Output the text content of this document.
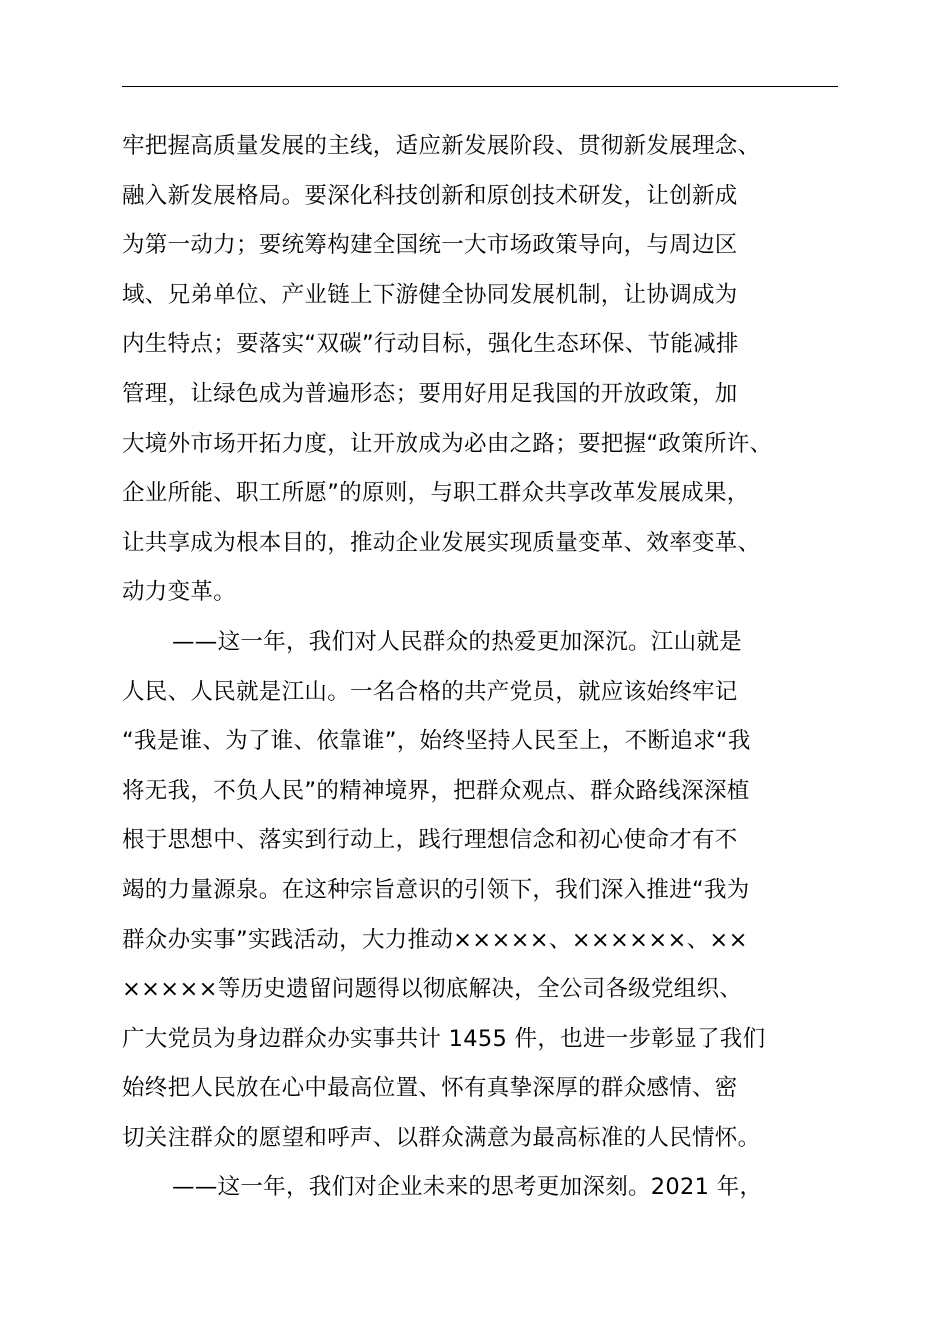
牢把握高质量发展的主线，适应新发展阶段、贯彻新发展理念、
融入新发展格局。要深化科技创新和原创技术研发，让创新成
为第一动力；要统筹构建全国统一大市场政策导向，与周边区
域、兄弟单位、产业链上下游健全协同发展机制，让协调成为
内生特点；要落实“双碳”行动目标，强化生态环保、节能减排
管理，让绿色成为普遍形态；要用好用足我国的开放政策，加
大境外市场开拓力度，让开放成为必由之路；要把握“政策所许、
企业所能、职工所愿”的原则，与职工群众共享改革发展成果，
让共享成为根本目的，推动企业发展实现质量变革、效率变革、
动力变革。
——这一年，我们对人民群众的热爱更加深沉。江山就是
人民、人民就是江山。一名合格的共产党员，就应该始终牢记
“我是谁、为了谁、依靠谁”，始终坚持人民至上，不断追求“我
将无我，不负人民”的精神境界，把群众观点、群众路线深深植
根于思想中、落实到行动上，践行理想信念和初心使命才有不
竭的力量源泉。在这种宗旨意识的引领下，我们深入推进“我为
群众办实事”实践活动，大力推动×××××、××××××、××
×××××等历史遗留问题得以彻底解决，全公司各级党组织、
广大党员为身边群众办实事共计 1455 件，也进一步彰显了我们
始终把人民放在心中最高位置、怀有真挚深厚的群众感情、密
切关注群众的愿望和呼声、以群众满意为最高标准的人民情怀。
——这一年，我们对企业未来的思考更加深刻。2021 年，
